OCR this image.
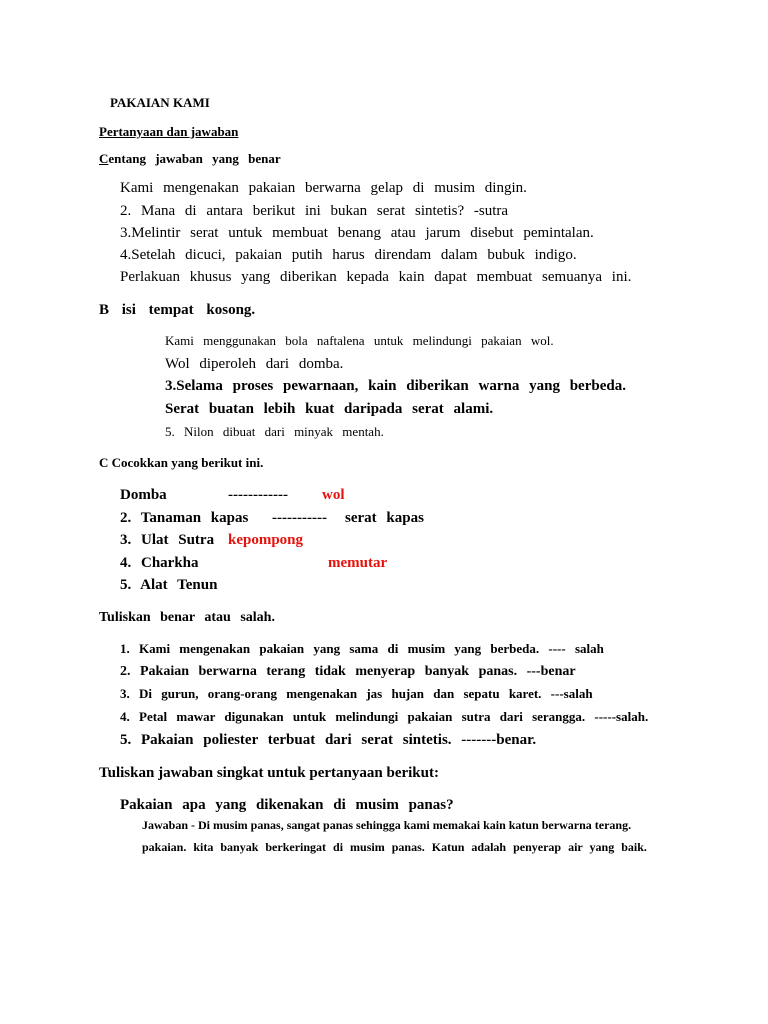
PAKAIAN KAMI
Pertanyaan dan jawaban
Centang jawaban yang benar
Kami mengenakan pakaian berwarna gelap di musim dingin.
2. Mana di antara berikut ini bukan serat sintetis? -sutra
3.Melintir serat untuk membuat benang atau jarum disebut pemintalan.
4.Setelah dicuci, pakaian putih harus direndam dalam bubuk indigo.
Perlakuan khusus yang diberikan kepada kain dapat membuat semuanya ini.
B isi tempat kosong.
Kami menggunakan bola naftalena untuk melindungi pakaian wol.
Wol diperoleh dari domba.
3.Selama proses pewarnaan, kain diberikan warna yang berbeda.
Serat buatan lebih kuat daripada serat alami.
5. Nilon dibuat dari minyak mentah.
C Cocokkan yang berikut ini.
Domba	------------ wol
2. Tanaman kapas ----------- serat kapas
3. Ulat Sutra kepompong
4. Charkha	memutar
5. Alat Tenun
Tuliskan benar atau salah.
1. Kami mengenakan pakaian yang sama di musim yang berbeda. ---- salah
2. Pakaian berwarna terang tidak menyerap banyak panas. ---benar
3. Di gurun, orang-orang mengenakan jas hujan dan sepatu karet. ---salah
4. Petal mawar digunakan untuk melindungi pakaian sutra dari serangga. -----salah.
5. Pakaian poliester terbuat dari serat sintetis. -------benar.
Tuliskan jawaban singkat untuk pertanyaan berikut:
Pakaian apa yang dikenakan di musim panas?
Jawaban - Di musim panas, sangat panas sehingga kami memakai kain katun berwarna terang.
pakaian. kita banyak berkeringat di musim panas. Katun adalah penyerap air yang baik.
